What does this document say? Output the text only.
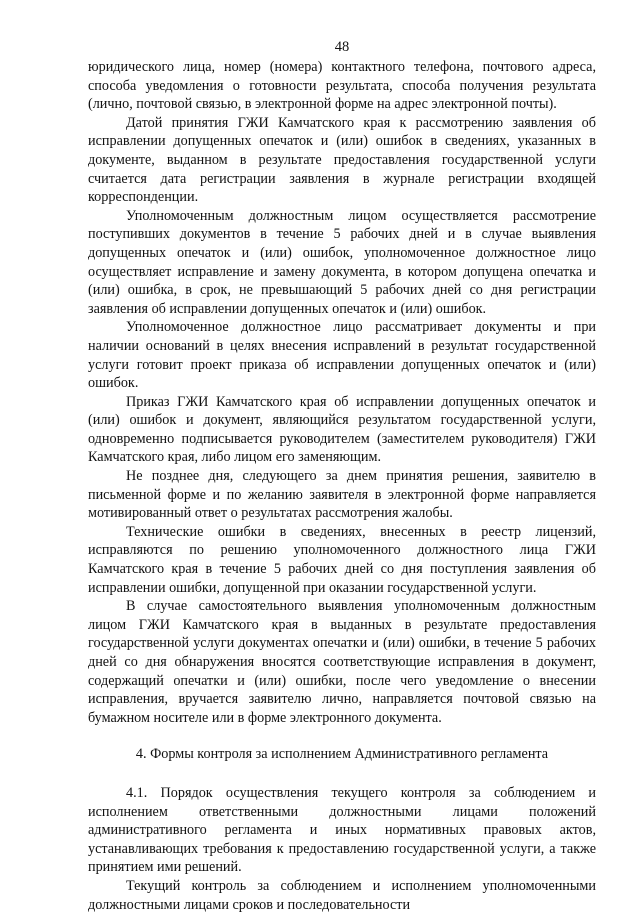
48

юридического лица, номер (номера) контактного телефона, почтового адреса, способа уведомления о готовности результата, способа получения результата (лично, почтовой связью, в электронной форме на адрес электронной почты).

Датой принятия ГЖИ Камчатского края к рассмотрению заявления об исправлении допущенных опечаток и (или) ошибок в сведениях, указанных в документе, выданном в результате предоставления государственной услуги считается дата регистрации заявления в журнале регистрации входящей корреспонденции.

Уполномоченным должностным лицом осуществляется рассмотрение поступивших документов в течение 5 рабочих дней и в случае выявления допущенных опечаток и (или) ошибок, уполномоченное должностное лицо осуществляет исправление и замену документа, в котором допущена опечатка и (или) ошибка, в срок, не превышающий 5 рабочих дней со дня регистрации заявления об исправлении допущенных опечаток и (или) ошибок.

Уполномоченное должностное лицо рассматривает документы и при наличии оснований в целях внесения исправлений в результат государственной услуги готовит проект приказа об исправлении допущенных опечаток и (или) ошибок.

Приказ ГЖИ Камчатского края об исправлении допущенных опечаток и (или) ошибок и документ, являющийся результатом государственной услуги, одновременно подписывается руководителем (заместителем руководителя) ГЖИ Камчатского края, либо лицом его заменяющим.

Не позднее дня, следующего за днем принятия решения, заявителю в письменной форме и по желанию заявителя в электронной форме направляется мотивированный ответ о результатах рассмотрения жалобы.

Технические ошибки в сведениях, внесенных в реестр лицензий, исправляются по решению уполномоченного должностного лица ГЖИ Камчатского края в течение 5 рабочих дней со дня поступления заявления об исправлении ошибки, допущенной при оказании государственной услуги.

В случае самостоятельного выявления уполномоченным должностным лицом ГЖИ Камчатского края в выданных в результате предоставления государственной услуги документах опечатки и (или) ошибки, в течение 5 рабочих дней со дня обнаружения вносятся соответствующие исправления в документ, содержащий опечатки и (или) ошибки, после чего уведомление о внесении исправления, вручается заявителю лично, направляется почтовой связью на бумажном носителе или в форме электронного документа.

4. Формы контроля за исполнением Административного регламента

4.1. Порядок осуществления текущего контроля за соблюдением и исполнением ответственными должностными лицами положений административного регламента и иных нормативных правовых актов, устанавливающих требования к предоставлению государственной услуги, а также принятием ими решений.

Текущий контроль за соблюдением и исполнением уполномоченными должностными лицами сроков и последовательности
